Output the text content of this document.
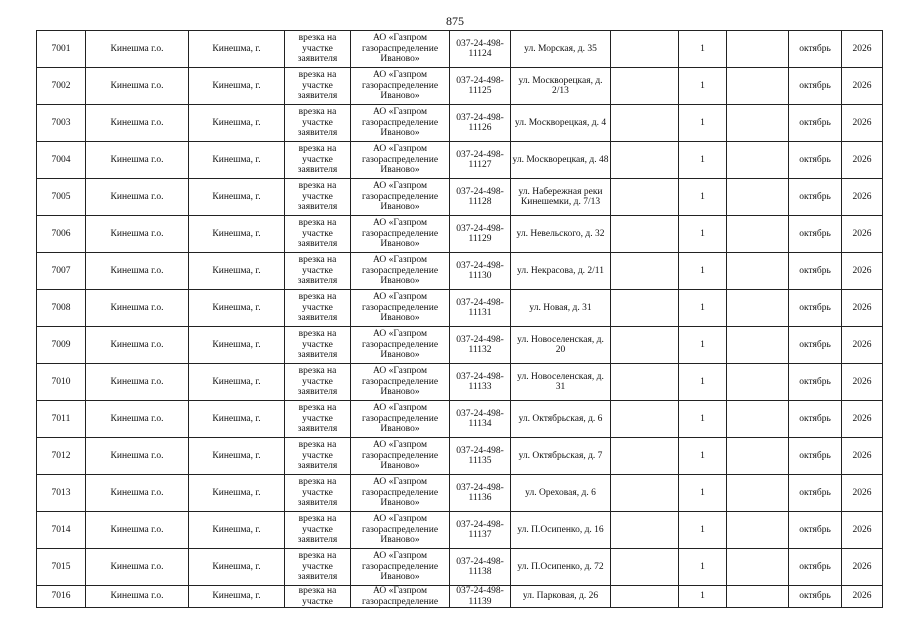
875
7001	Кинешма г.о.	Кинешма, г.	врезка на участке заявителя	АО «Газпром газораспределение Иваново»	037-24-498-11124	ул. Морская, д. 35		1		октябрь	2026
7002	Кинешма г.о.	Кинешма, г.	врезка на участке заявителя	АО «Газпром газораспределение Иваново»	037-24-498-11125	ул. Москворецкая, д. 2/13		1		октябрь	2026
7003	Кинешма г.о.	Кинешма, г.	врезка на участке заявителя	АО «Газпром газораспределение Иваново»	037-24-498-11126	ул. Москворецкая, д. 4		1		октябрь	2026
7004	Кинешма г.о.	Кинешма, г.	врезка на участке заявителя	АО «Газпром газораспределение Иваново»	037-24-498-11127	ул. Москворецкая, д. 48		1		октябрь	2026
7005	Кинешма г.о.	Кинешма, г.	врезка на участке заявителя	АО «Газпром газораспределение Иваново»	037-24-498-11128	ул. Набережная реки Кинешемки, д. 7/13		1		октябрь	2026
7006	Кинешма г.о.	Кинешма, г.	врезка на участке заявителя	АО «Газпром газораспределение Иваново»	037-24-498-11129	ул. Невельского, д. 32		1		октябрь	2026
7007	Кинешма г.о.	Кинешма, г.	врезка на участке заявителя	АО «Газпром газораспределение Иваново»	037-24-498-11130	ул. Некрасова, д. 2/11		1		октябрь	2026
7008	Кинешма г.о.	Кинешма, г.	врезка на участке заявителя	АО «Газпром газораспределение Иваново»	037-24-498-11131	ул. Новая, д. 31		1		октябрь	2026
7009	Кинешма г.о.	Кинешма, г.	врезка на участке заявителя	АО «Газпром газораспределение Иваново»	037-24-498-11132	ул. Новоселенская, д. 20		1		октябрь	2026
7010	Кинешма г.о.	Кинешма, г.	врезка на участке заявителя	АО «Газпром газораспределение Иваново»	037-24-498-11133	ул. Новоселенская, д. 31		1		октябрь	2026
7011	Кинешма г.о.	Кинешма, г.	врезка на участке заявителя	АО «Газпром газораспределение Иваново»	037-24-498-11134	ул. Октябрьская, д. 6		1		октябрь	2026
7012	Кинешма г.о.	Кинешма, г.	врезка на участке заявителя	АО «Газпром газораспределение Иваново»	037-24-498-11135	ул. Октябрьская, д. 7		1		октябрь	2026
7013	Кинешма г.о.	Кинешма, г.	врезка на участке заявителя	АО «Газпром газораспределение Иваново»	037-24-498-11136	ул. Ореховая, д. 6		1		октябрь	2026
7014	Кинешма г.о.	Кинешма, г.	врезка на участке заявителя	АО «Газпром газораспределение Иваново»	037-24-498-11137	ул. П.Осипенко, д. 16		1		октябрь	2026
7015	Кинешма г.о.	Кинешма, г.	врезка на участке заявителя	АО «Газпром газораспределение Иваново»	037-24-498-11138	ул. П.Осипенко, д. 72		1		октябрь	2026
7016	Кинешма г.о.	Кинешма, г.	врезка на участке	АО «Газпром газораспределение	037-24-498-11139	ул. Парковая, д. 26		1		октябрь	2026
